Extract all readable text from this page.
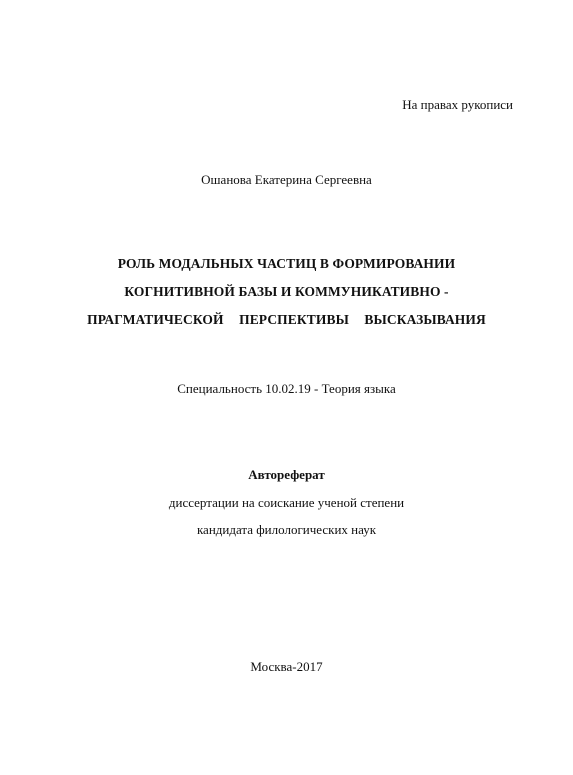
На правах рукописи
Ошанова Екатерина Сергеевна
РОЛЬ МОДАЛЬНЫХ ЧАСТИЦ В ФОРМИРОВАНИИ
КОГНИТИВНОЙ БАЗЫ И КОММУНИКАТИВНО -
ПРАГМАТИЧЕСКОЙ ПЕРСПЕКТИВЫ ВЫСКАЗЫВАНИЯ
Специальность 10.02.19 - Теория языка
Автореферат
диссертации на соискание ученой степени
кандидата филологических наук
Москва-2017
